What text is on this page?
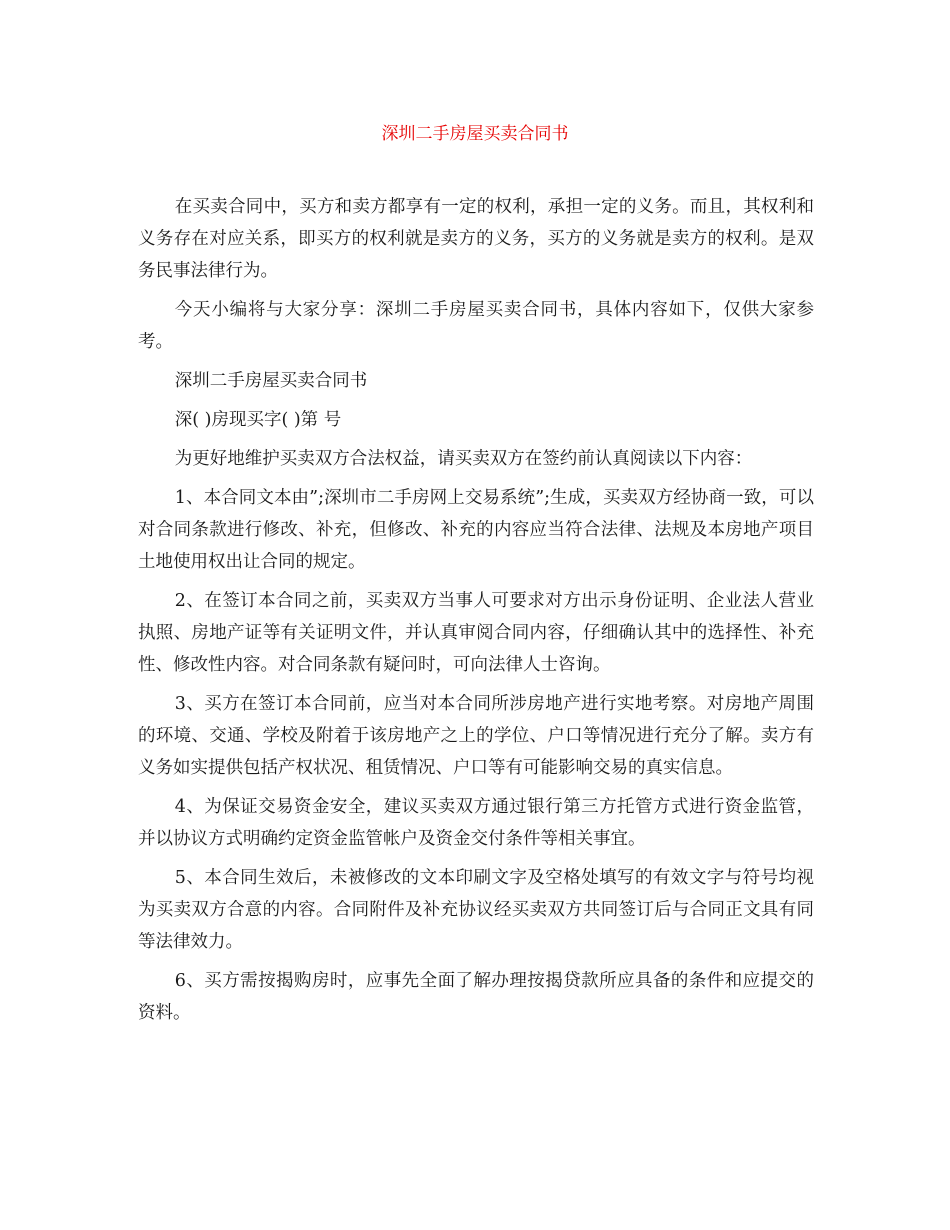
深圳二手房屋买卖合同书

在买卖合同中，买方和卖方都享有一定的权利，承担一定的义务。而且，其权利和义务存在对应关系，即买方的权利就是卖方的义务，买方的义务就是卖方的权利。是双务民事法律行为。

今天小编将与大家分享：深圳二手房屋买卖合同书，具体内容如下，仅供大家参考。

深圳二手房屋买卖合同书

深( )房现买字( )第 号

为更好地维护买卖双方合法权益，请买卖双方在签约前认真阅读以下内容：

1、本合同文本由”;深圳市二手房网上交易系统”;生成，买卖双方经协商一致，可以对合同条款进行修改、补充，但修改、补充的内容应当符合法律、法规及本房地产项目土地使用权出让合同的规定。

2、在签订本合同之前，买卖双方当事人可要求对方出示身份证明、企业法人营业执照、房地产证等有关证明文件，并认真审阅合同内容，仔细确认其中的选择性、补充性、修改性内容。对合同条款有疑问时，可向法律人士咨询。

3、买方在签订本合同前，应当对本合同所涉房地产进行实地考察。对房地产周围的环境、交通、学校及附着于该房地产之上的学位、户口等情况进行充分了解。卖方有义务如实提供包括产权状况、租赁情况、户口等有可能影响交易的真实信息。

4、为保证交易资金安全，建议买卖双方通过银行第三方托管方式进行资金监管，并以协议方式明确约定资金监管帐户及资金交付条件等相关事宜。

5、本合同生效后，未被修改的文本印刷文字及空格处填写的有效文字与符号均视为买卖双方合意的内容。合同附件及补充协议经买卖双方共同签订后与合同正文具有同等法律效力。

6、买方需按揭购房时，应事先全面了解办理按揭贷款所应具备的条件和应提交的资料。
